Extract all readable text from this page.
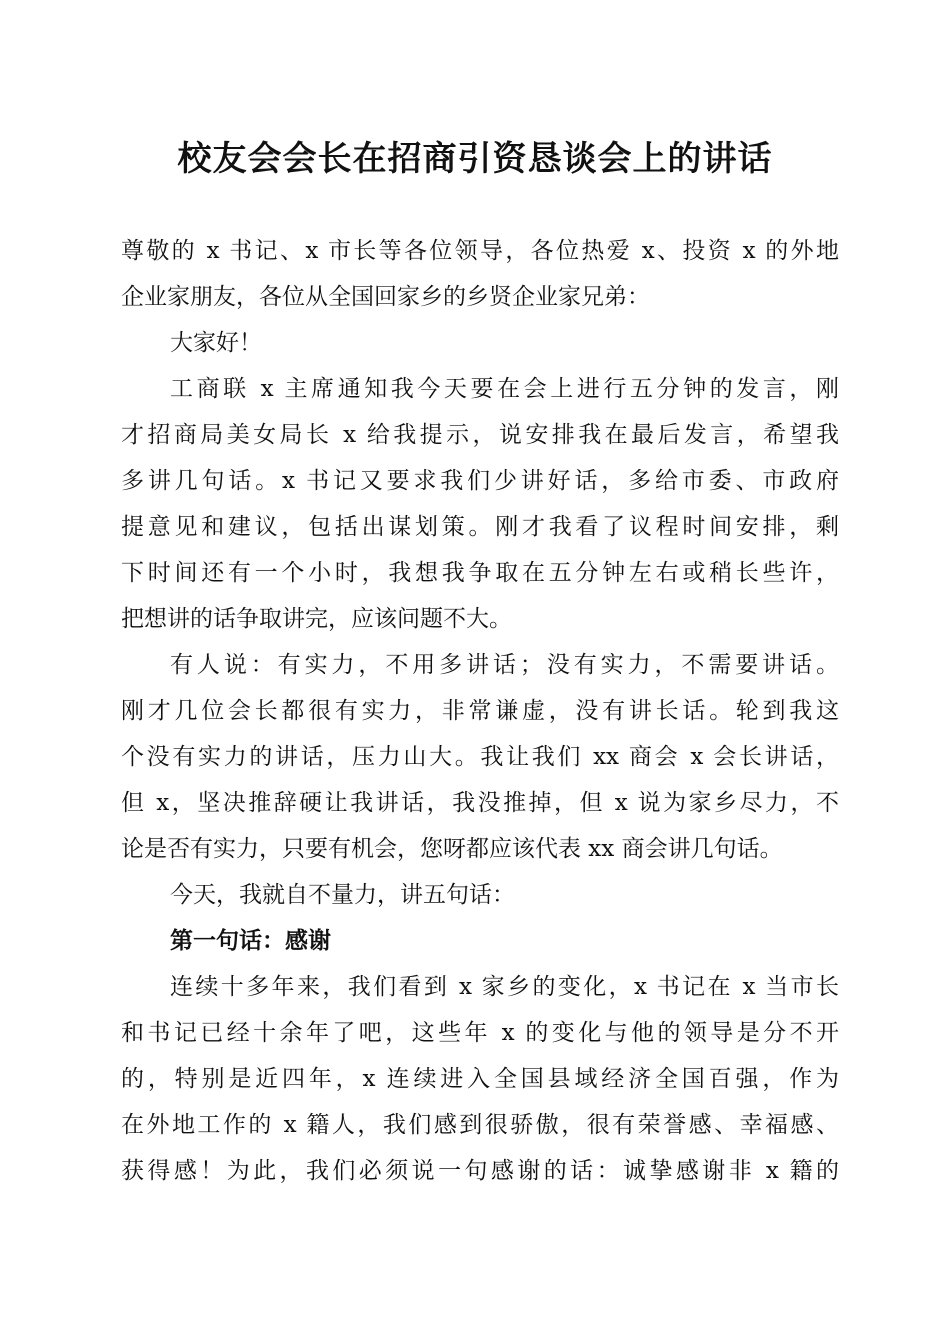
校友会会长在招商引资恳谈会上的讲话
尊敬的 x 书记、x 市长等各位领导，各位热爱 x、投资 x 的外地
企业家朋友，各位从全国回家乡的乡贤企业家兄弟：
大家好！
工商联 x 主席通知我今天要在会上进行五分钟的发言，刚
才招商局美女局长 x 给我提示，说安排我在最后发言，希望我
多讲几句话。x 书记又要求我们少讲好话，多给市委、市政府
提意见和建议，包括出谋划策。刚才我看了议程时间安排，剩
下时间还有一个小时，我想我争取在五分钟左右或稍长些许，
把想讲的话争取讲完，应该问题不大。
有人说：有实力，不用多讲话；没有实力，不需要讲话。
刚才几位会长都很有实力，非常谦虚，没有讲长话。轮到我这
个没有实力的讲话，压力山大。我让我们 xx 商会 x 会长讲话，
但 x，坚决推辞硬让我讲话，我没推掉，但 x 说为家乡尽力，不
论是否有实力，只要有机会，您呀都应该代表 xx 商会讲几句话。
今天，我就自不量力，讲五句话：
第一句话：感谢
连续十多年来，我们看到 x 家乡的变化，x 书记在 x 当市长
和书记已经十余年了吧，这些年 x 的变化与他的领导是分不开
的，特别是近四年，x 连续进入全国县域经济全国百强，作为
在外地工作的 x 籍人，我们感到很骄傲，很有荣誉感、幸福感、
获得感！为此，我们必须说一句感谢的话：诚挚感谢非 x 籍的
